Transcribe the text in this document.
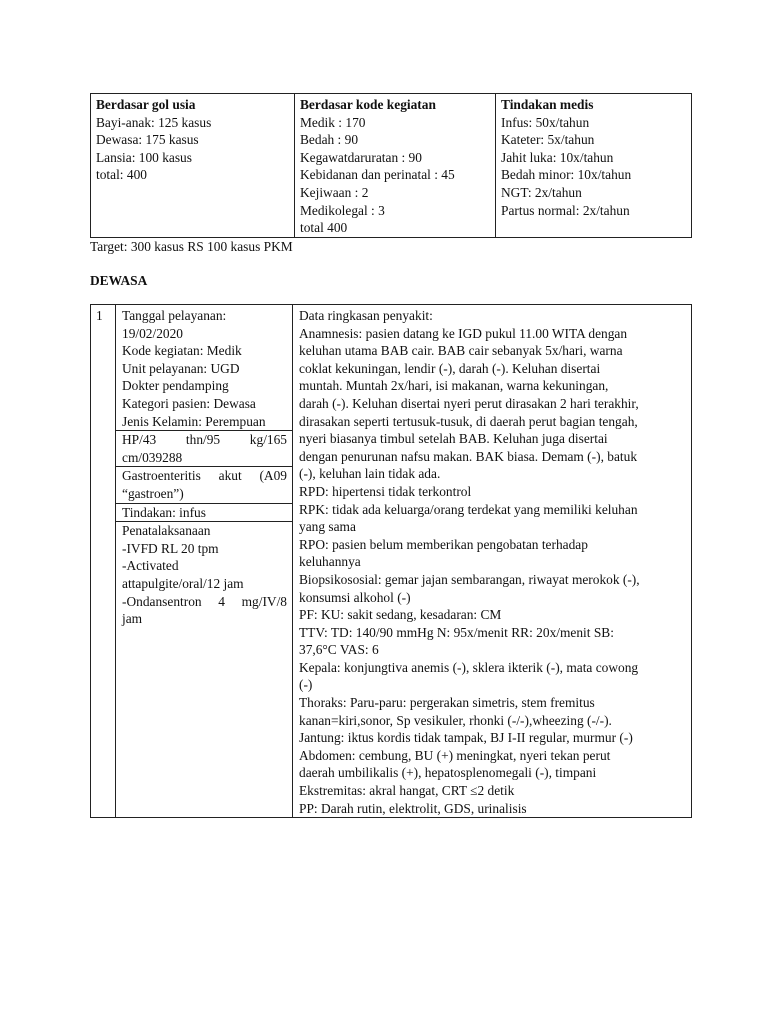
Berdasar gol usia
Bayi-anak: 125 kasus
Dewasa: 175 kasus
Lansia: 100 kasus
total: 400

Berdasar kode kegiatan
Medik : 170
Bedah : 90
Kegawatdaruratan : 90
Kebidanan dan perinatal : 45
Kejiwaan : 2
Medikolegal : 3
total 400

Tindakan medis
Infus: 50x/tahun
Kateter: 5x/tahun
Jahit luka: 10x/tahun
Bedah minor: 10x/tahun
NGT: 2x/tahun
Partus normal: 2x/tahun
Target: 300 kasus RS 100 kasus PKM
DEWASA
1	Tanggal pelayanan:
19/02/2020
Kode kegiatan: Medik
Unit pelayanan: UGD
Dokter pendamping
Kategori pasien: Dewasa
Jenis Kelamin: Perempuan
HP/43 thn/95 kg/165
cm/039288
Gastroenteritis akut (A09
“gastroen”)
Tindakan: infus
Penatalaksanaan
-IVFD RL 20 tpm
-Activated
attapulgite/oral/12 jam
-Ondansentron 4 mg/IV/8
jam

Data ringkasan penyakit:
Anamnesis: pasien datang ke IGD pukul 11.00 WITA dengan
keluhan utama BAB cair. BAB cair sebanyak 5x/hari, warna
coklat kekuningan, lendir (-), darah (-). Keluhan disertai
muntah. Muntah 2x/hari, isi makanan, warna kekuningan,
darah (-). Keluhan disertai nyeri perut dirasakan 2 hari terakhir,
dirasakan seperti tertusuk-tusuk, di daerah perut bagian tengah,
nyeri biasanya timbul setelah BAB. Keluhan juga disertai
dengan penurunan nafsu makan. BAK biasa. Demam (-), batuk
(-), keluhan lain tidak ada.
RPD: hipertensi tidak terkontrol
RPK: tidak ada keluarga/orang terdekat yang memiliki keluhan
yang sama
RPO: pasien belum memberikan pengobatan terhadap
keluhannya
Biopsikososial: gemar jajan sembarangan, riwayat merokok (-),
konsumsi alkohol (-)
PF: KU: sakit sedang, kesadaran: CM
TTV: TD: 140/90 mmHg N: 95x/menit RR: 20x/menit SB:
37,6°C VAS: 6
Kepala: konjungtiva anemis (-), sklera ikterik (-), mata cowong
(-)
Thoraks: Paru-paru: pergerakan simetris, stem fremitus
kanan=kiri,sonor, Sp vesikuler, rhonki (-/-),wheezing (-/-).
Jantung: iktus kordis tidak tampak, BJ I-II regular, murmur (-)
Abdomen: cembung, BU (+) meningkat, nyeri tekan perut
daerah umbilikalis (+), hepatosplenomegali (-), timpani
Ekstremitas: akral hangat, CRT ≤2 detik
PP: Darah rutin, elektrolit, GDS, urinalisis
